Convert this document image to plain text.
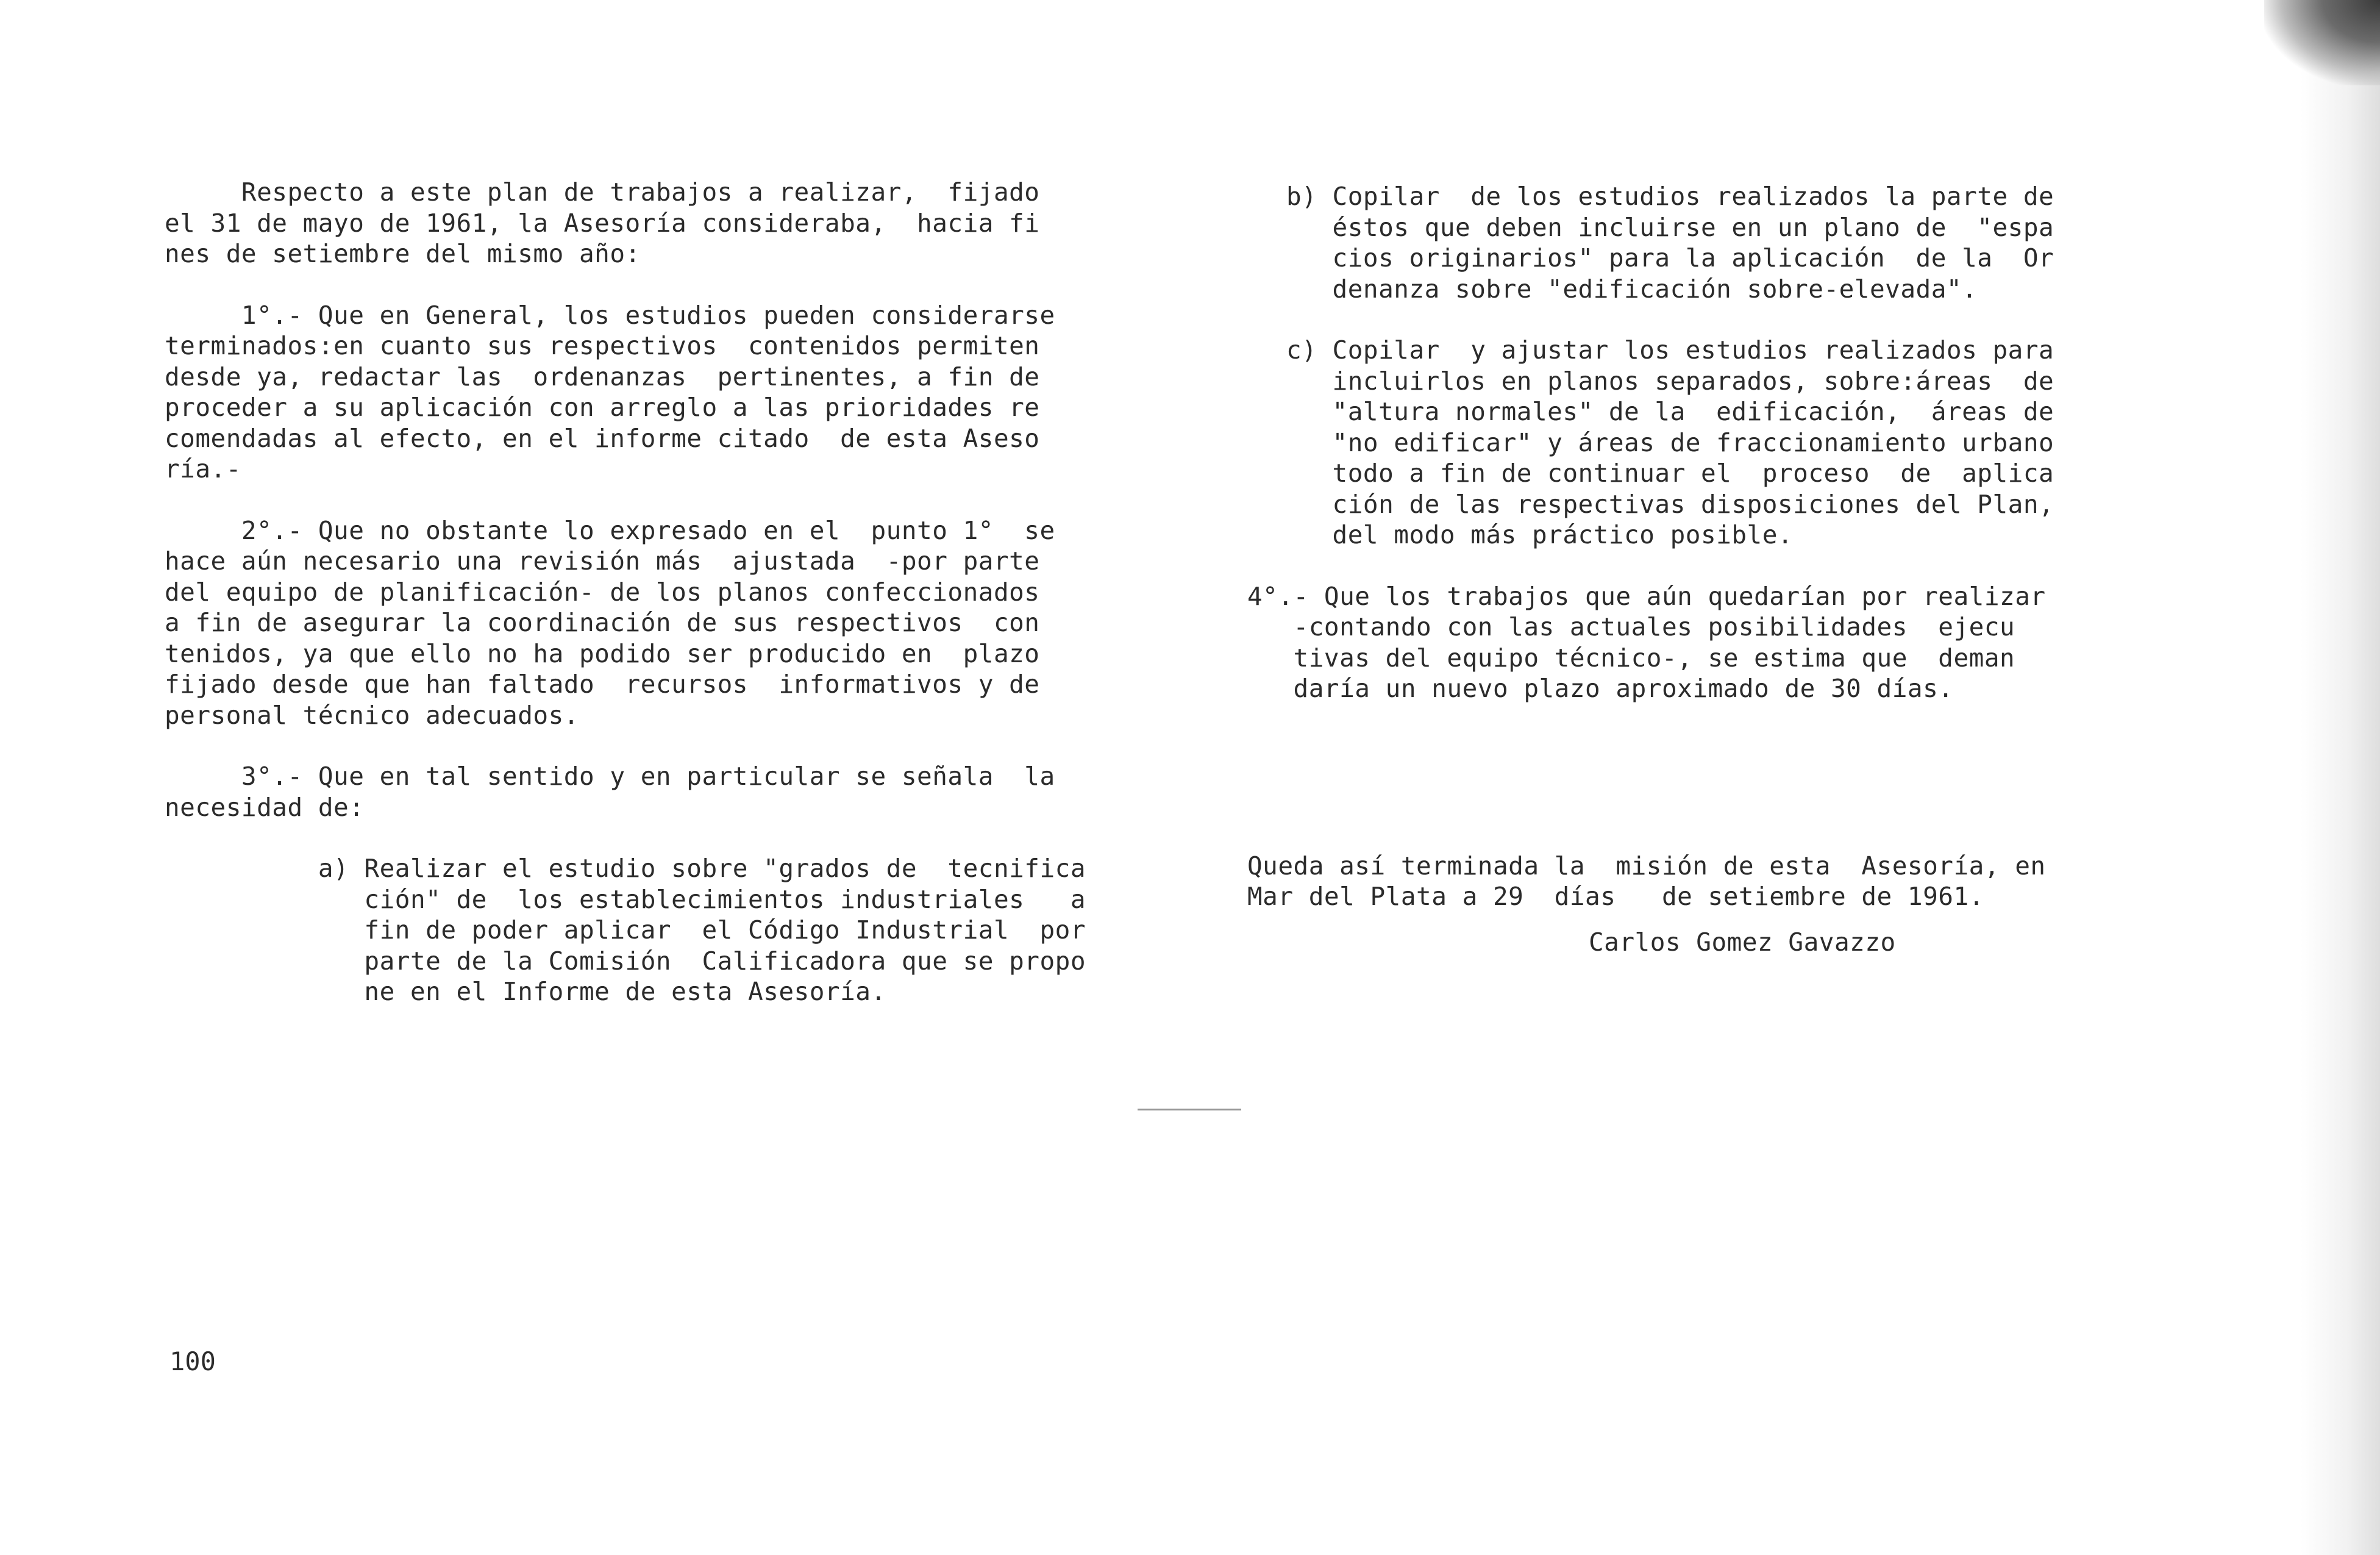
Respecto a este plan de trabajos a realizar,  fijado

el 31 de mayo de 1961, la Asesoría consideraba,  hacia fi

nes de setiembre del mismo año:

1°.- Que en General, los estudios pueden considerarse

terminados:en cuanto sus respectivos  contenidos permiten

desde ya, redactar las  ordenanzas  pertinentes, a fin de

proceder a su aplicación con arreglo a las prioridades re

comendadas al efecto, en el informe citado  de esta Aseso

ría.-

2°.- Que no obstante lo expresado en el  punto 1°  se

hace aún necesario una revisión más  ajustada  -por parte

del equipo de planificación- de los planos confeccionados

a fin de asegurar la coordinación de sus respectivos  con

tenidos, ya que ello no ha podido ser producido en  plazo

fijado desde que han faltado  recursos  informativos y de

personal técnico adecuados.

3°.- Que en tal sentido y en particular se señala  la

necesidad de:

a) Realizar el estudio sobre "grados de  tecnifica

ción" de  los establecimientos industriales   a

fin de poder aplicar  el Código Industrial  por

parte de la Comisión  Calificadora que se propo

ne en el Informe de esta Asesoría.

100

b) Copilar  de los estudios realizados la parte de

éstos que deben incluirse en un plano de  "espa

cios originarios" para la aplicación  de la  Or

denanza sobre "edificación sobre-elevada".

c) Copilar  y ajustar los estudios realizados para

incluirlos en planos separados, sobre:áreas  de

"altura normales" de la  edificación,  áreas de

"no edificar" y áreas de fraccionamiento urbano

todo a fin de continuar el  proceso  de  aplica

ción de las respectivas disposiciones del Plan,

del modo más práctico posible.

4°.- Que los trabajos que aún quedarían por realizar

-contando con las actuales posibilidades  ejecu

tivas del equipo técnico-, se estima que  deman

daría un nuevo plazo aproximado de 30 días.

Queda así terminada la  misión de esta  Asesoría, en

Mar del Plata a 29  días   de setiembre de 1961.

Carlos Gomez Gavazzo
